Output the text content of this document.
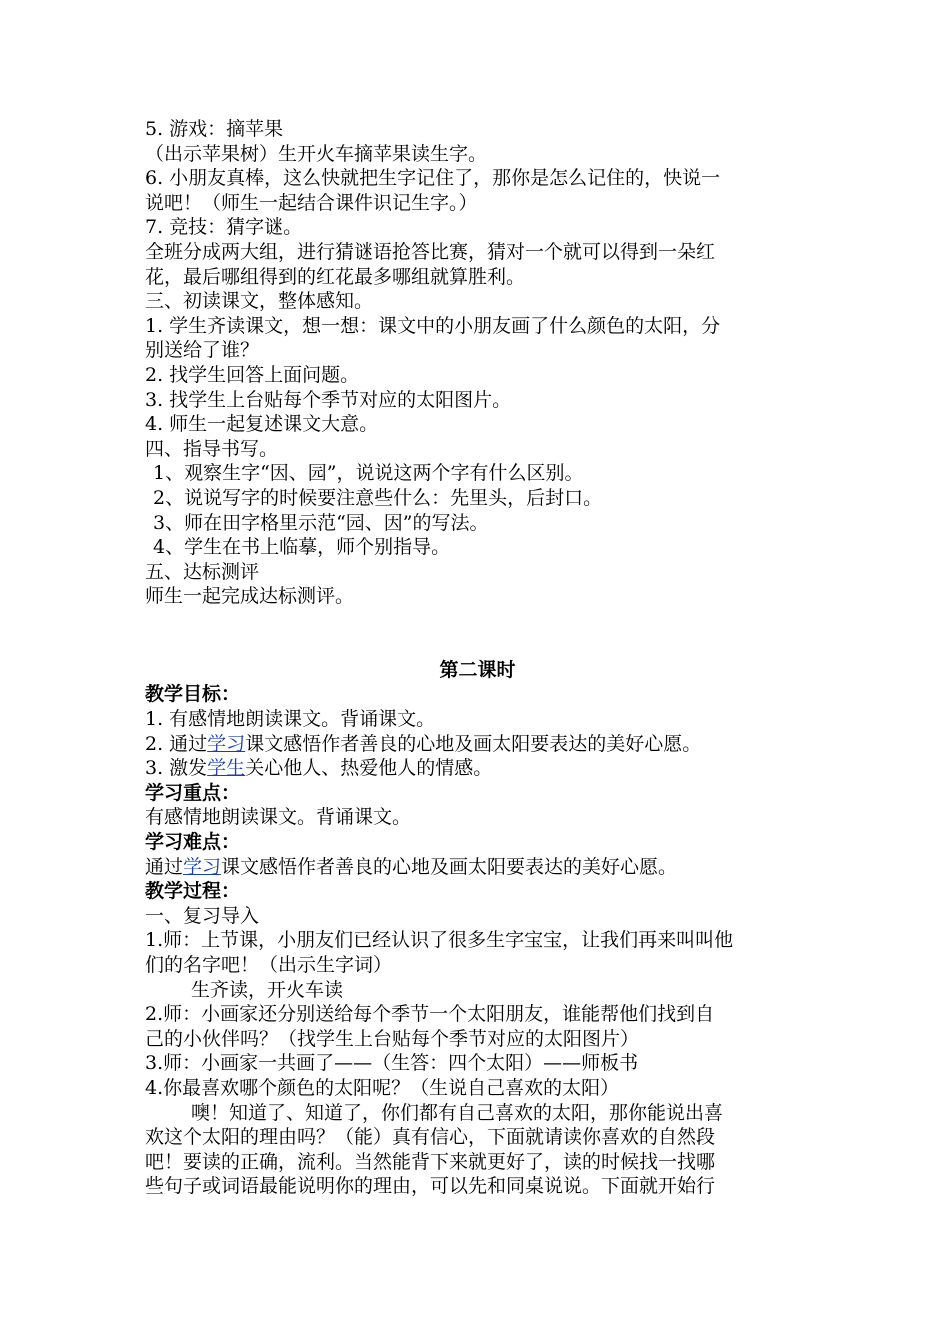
5. 游戏：摘苹果
（出示苹果树）生开火车摘苹果读生字。
6. 小朋友真棒，这么快就把生字记住了，那你是怎么记住的，快说一
说吧！（师生一起结合课件识记生字。）
7. 竞技：猜字谜。
全班分成两大组，进行猜谜语抢答比赛，猜对一个就可以得到一朵红
花，最后哪组得到的红花最多哪组就算胜利。
三、初读课文，整体感知。
1. 学生齐读课文，想一想：课文中的小朋友画了什么颜色的太阳，分
别送给了谁？
2. 找学生回答上面问题。
3. 找学生上台贴每个季节对应的太阳图片。
4. 师生一起复述课文大意。
四、指导书写。
1、观察生字“因、园”，说说这两个字有什么区别。
2、说说写字的时候要注意些什么：先里头，后封口。
3、师在田字格里示范“园、因”的写法。
4、学生在书上临摹，师个别指导。
五、达标测评
师生一起完成达标测评。
第二课时
教学目标：
1. 有感情地朗读课文。背诵课文。
2. 通过学习课文感悟作者善良的心地及画太阳要表达的美好心愿。
3. 激发学生关心他人、热爱他人的情感。
学习重点：
有感情地朗读课文。背诵课文。
学习难点：
通过学习课文感悟作者善良的心地及画太阳要表达的美好心愿。
教学过程：
一、复习导入
1.师：上节课，小朋友们已经认识了很多生字宝宝，让我们再来叫叫他
们的名字吧！（出示生字词）
生齐读，开火车读
2.师：小画家还分别送给每个季节一个太阳朋友，谁能帮他们找到自
己的小伙伴吗？（找学生上台贴每个季节对应的太阳图片）
3.师：小画家一共画了——（生答：四个太阳）——师板书
4.你最喜欢哪个颜色的太阳呢？（生说自己喜欢的太阳）
噢！知道了、知道了，你们都有自己喜欢的太阳，那你能说出喜
欢这个太阳的理由吗？（能）真有信心，下面就请读你喜欢的自然段
吧！要读的正确，流利。当然能背下来就更好了，读的时候找一找哪
些句子或词语最能说明你的理由，可以先和同桌说说。下面就开始行
